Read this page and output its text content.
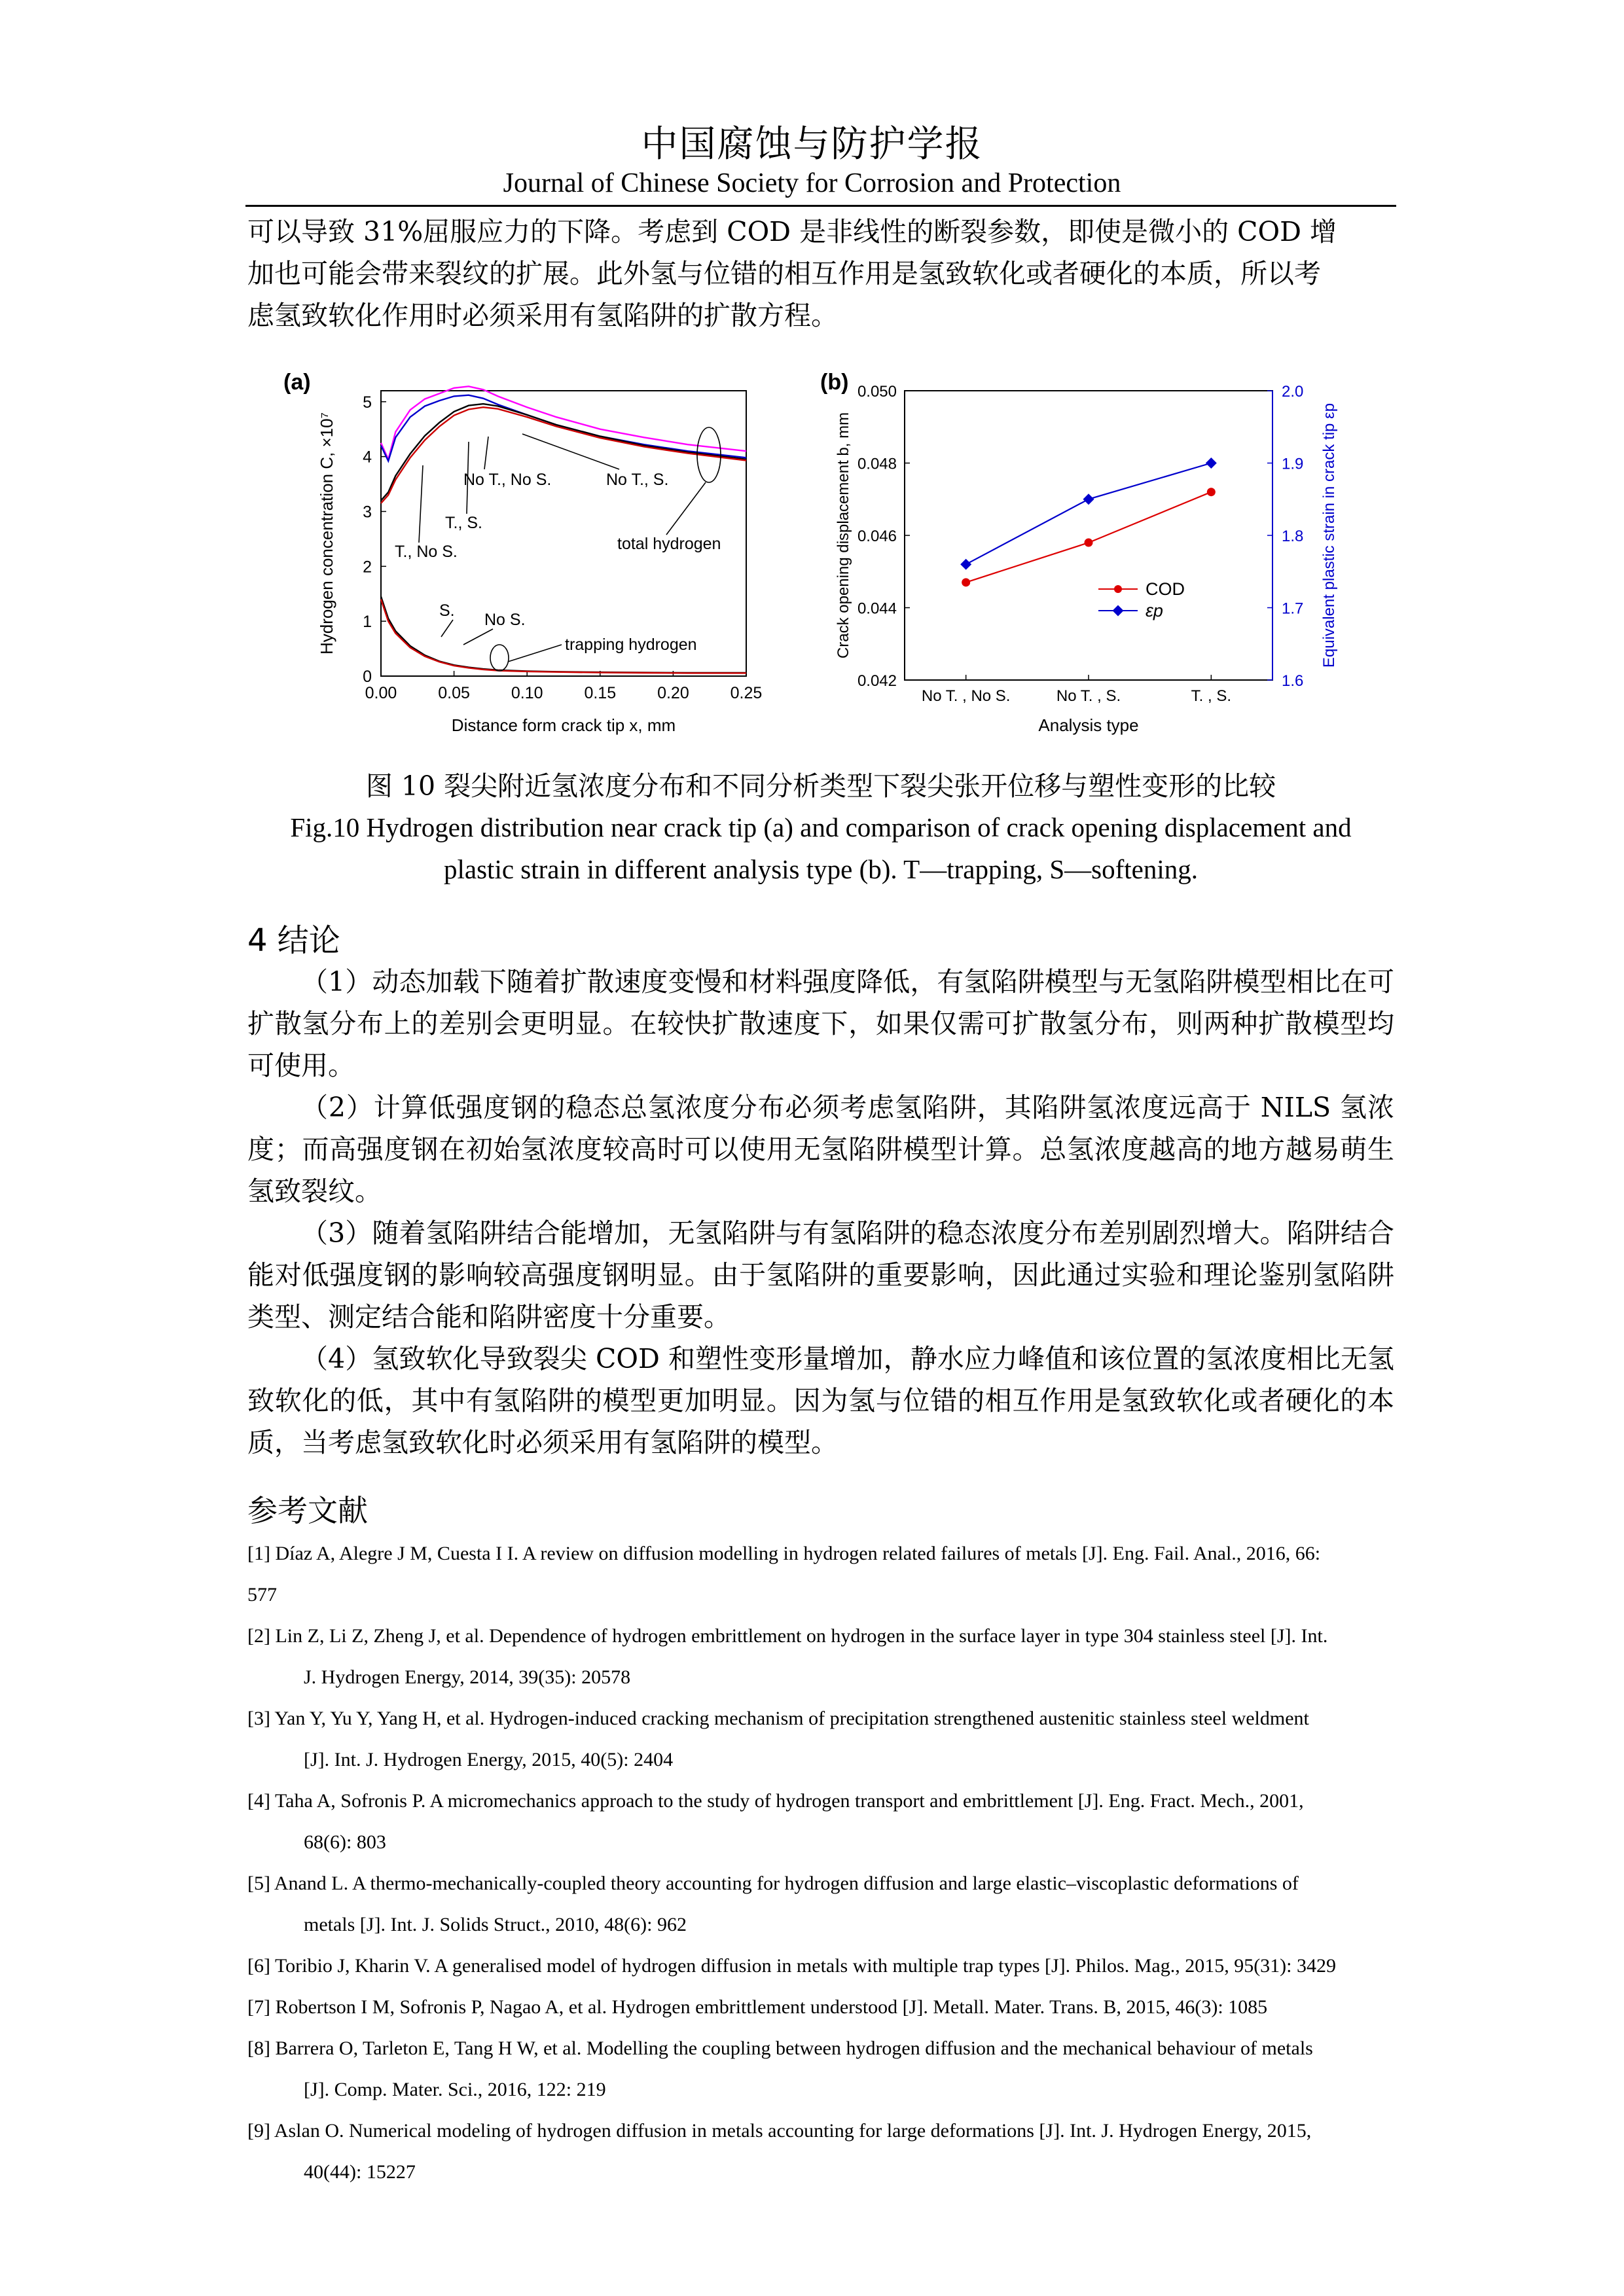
中国腐蚀与防护学报
Journal of Chinese Society for Corrosion and Protection

可以导致 31%屈服应力的下降。考虑到 COD 是非线性的断裂参数，即使是微小的 COD 增

加也可能会带来裂纹的扩展。此外氢与位错的相互作用是氢致软化或者硬化的本质，所以考

虑氢致软化作用时必须采用有氢陷阱的扩散方程。

(a)
0.00	0.05	0.10	0.15	0.20	0.25
0
1
2
3
4
5
Distance form crack tip x, mm
Hydrogen concentration C, ×10⁷	No T., No S.	No T., S.
T., S.
T., No S.	total hydrogen
S. No S.
trapping hydrogen
(b)
No T. , No S.	No T. , S.	T. , S.
0.042
0.044
0.046
0.048
0.050
1.6
1.7
1.8
1.9
2.0
Analysis type
Crack opening displacement b, mm	Equivalent plastic strain in crack tip εp
COD
εp
图 10 裂尖附近氢浓度分布和不同分析类型下裂尖张开位移与塑性变形的比较
Fig.10 Hydrogen distribution near crack tip (a) and comparison of crack opening displacement and
plastic strain in different analysis type (b). T—trapping, S—softening.
4 结论

（1）动态加载下随着扩散速度变慢和材料强度降低，有氢陷阱模型与无氢陷阱模型相比在可扩散氢分布上的差别会更明显。在较快扩散速度下，如果仅需可扩散氢分布，则两种扩散模型均可使用。

（2）计算低强度钢的稳态总氢浓度分布必须考虑氢陷阱，其陷阱氢浓度远高于 NILS 氢浓度；而高强度钢在初始氢浓度较高时可以使用无氢陷阱模型计算。总氢浓度越高的地方越易萌生氢致裂纹。

（3）随着氢陷阱结合能增加，无氢陷阱与有氢陷阱的稳态浓度分布差别剧烈增大。陷阱结合能对低强度钢的影响较高强度钢明显。由于氢陷阱的重要影响，因此通过实验和理论鉴别氢陷阱类型、测定结合能和陷阱密度十分重要。

（4）氢致软化导致裂尖 COD 和塑性变形量增加，静水应力峰值和该位置的氢浓度相比无氢致软化的低，其中有氢陷阱的模型更加明显。因为氢与位错的相互作用是氢致软化或者硬化的本质，当考虑氢致软化时必须采用有氢陷阱的模型。

参考文献
[1] Díaz A, Alegre J M, Cuesta I I. A review on diffusion modelling in hydrogen related failures of metals [J]. Eng. Fail. Anal., 2016, 66:
577
[2] Lin Z, Li Z, Zheng J, et al. Dependence of hydrogen embrittlement on hydrogen in the surface layer in type 304 stainless steel [J]. Int.
J. Hydrogen Energy, 2014, 39(35): 20578
[3] Yan Y, Yu Y, Yang H, et al. Hydrogen-induced cracking mechanism of precipitation strengthened austenitic stainless steel weldment
[J]. Int. J. Hydrogen Energy, 2015, 40(5): 2404
[4] Taha A, Sofronis P. A micromechanics approach to the study of hydrogen transport and embrittlement [J]. Eng. Fract. Mech., 2001,
68(6): 803
[5] Anand L. A thermo-mechanically-coupled theory accounting for hydrogen diffusion and large elastic–viscoplastic deformations of
metals [J]. Int. J. Solids Struct., 2010, 48(6): 962
[6] Toribio J, Kharin V. A generalised model of hydrogen diffusion in metals with multiple trap types [J]. Philos. Mag., 2015, 95(31): 3429
[7] Robertson I M, Sofronis P, Nagao A, et al. Hydrogen embrittlement understood [J]. Metall. Mater. Trans. B, 2015, 46(3): 1085
[8] Barrera O, Tarleton E, Tang H W, et al. Modelling the coupling between hydrogen diffusion and the mechanical behaviour of metals
[J]. Comp. Mater. Sci., 2016, 122: 219
[9] Aslan O. Numerical modeling of hydrogen diffusion in metals accounting for large deformations [J]. Int. J. Hydrogen Energy, 2015,
40(44): 15227
